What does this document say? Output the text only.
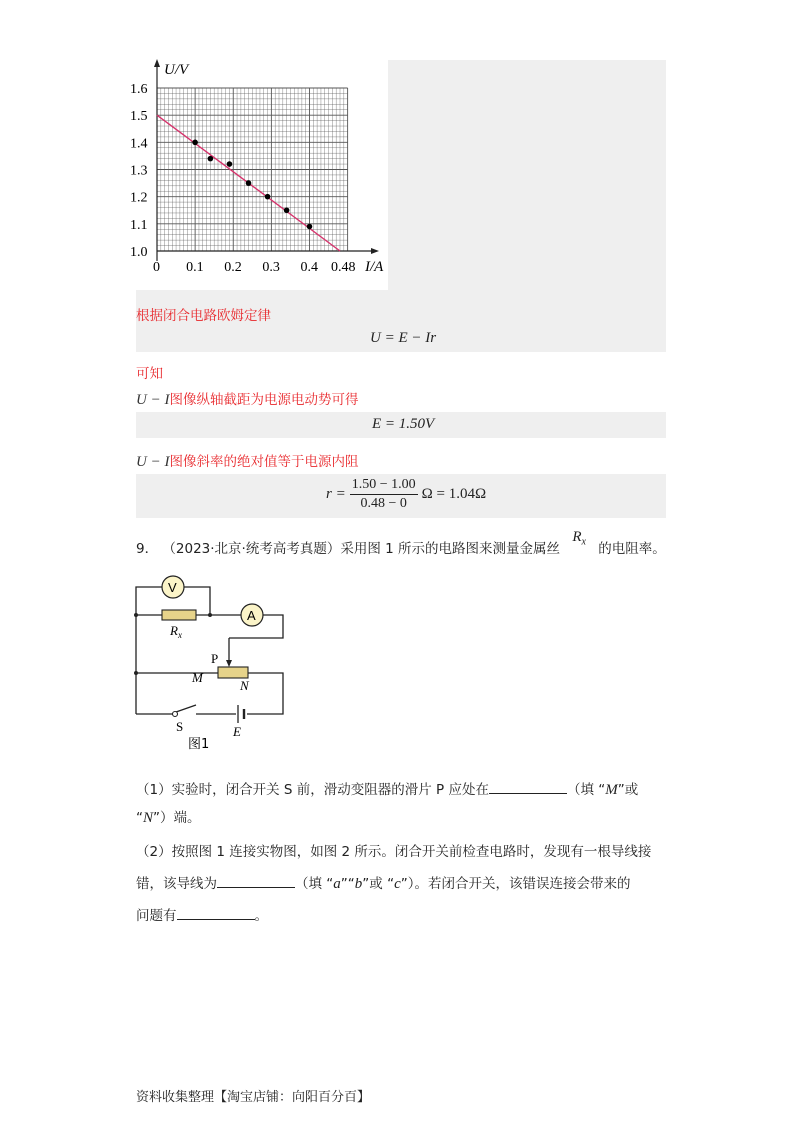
U/V
I/A
0
1.0
1.1
1.2
1.3
1.4
1.5
1.6
0.1 0.2 0.3 0.4 0.48
根据闭合电路欧姆定律
U = E − Ir
可知
U − I图像纵轴截距为电源电动势可得
E = 1.50V
U − I图像斜率的绝对值等于电源内阻
$r = \frac{1.50 - 1.00}{0.48 - 0}$ Ω = 1.04Ω
9． （2023·北京·统考高考真题）采用图 1 所示的电路图来测量金属丝 $R_x$ 的电阻率。
V
$R_x$
A
P
M
N
S	E
图1
（1）实验时，闭合开关 S 前，滑动变阻器的滑片 P 应处在	（填 “M”或
“N”）端。
（2）按照图 1 连接实物图，如图 2 所示。闭合开关前检查电路时，发现有一根导线接
错，该导线为	（填 “a”“b”或 “c”）。若闭合开关，该错误连接会带来的
问题有	。
资料收集整理【淘宝店铺：向阳百分百】
